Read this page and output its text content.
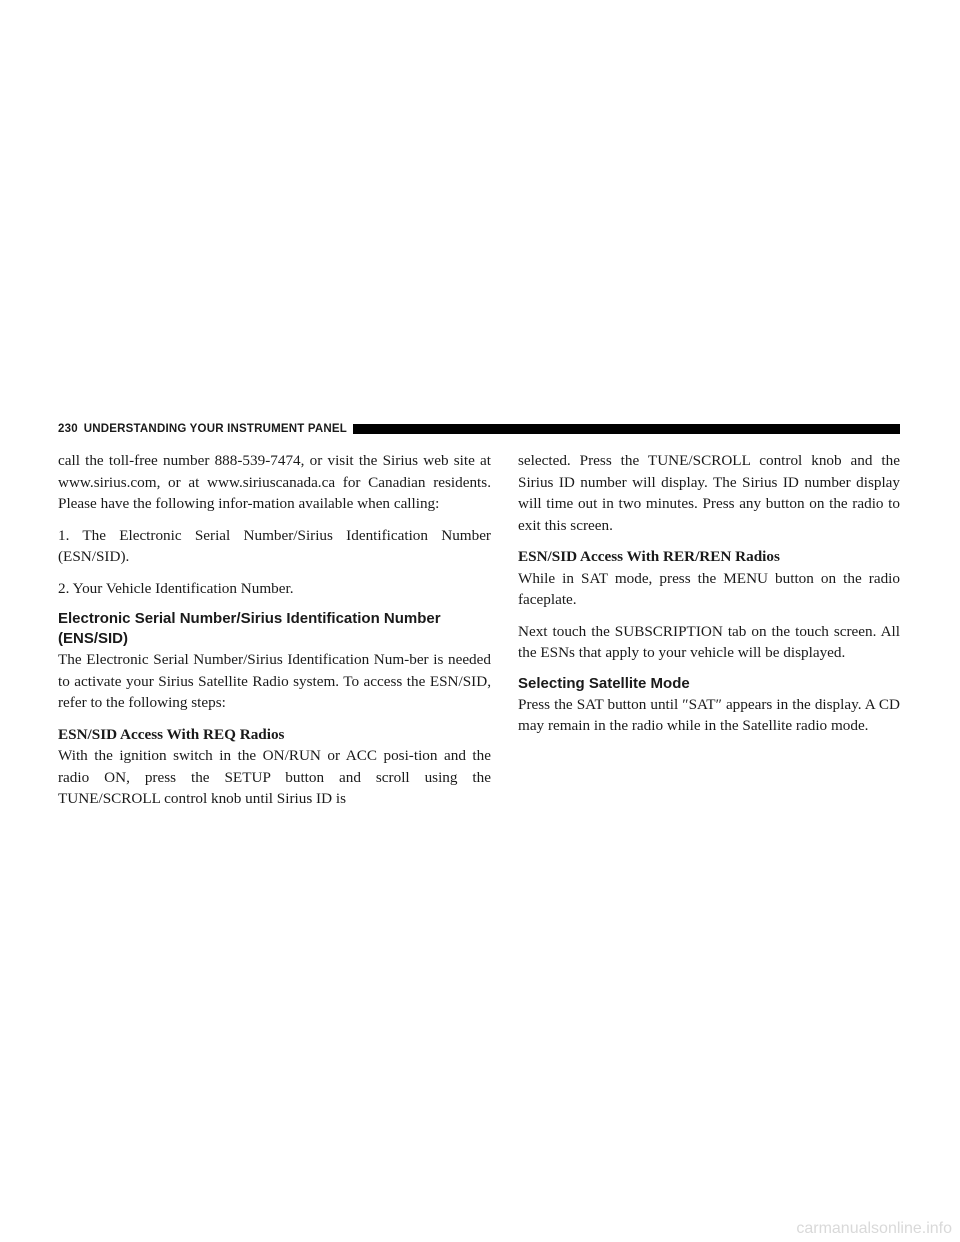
230 UNDERSTANDING YOUR INSTRUMENT PANEL

call the toll-free number 888-539-7474, or visit the Sirius web site at www.sirius.com, or at www.siriuscanada.ca for Canadian residents. Please have the following infor-mation available when calling:

1. The Electronic Serial Number/Sirius Identification Number (ESN/SID).

2. Your Vehicle Identification Number.

Electronic Serial Number/Sirius Identification Number (ENS/SID)

The Electronic Serial Number/Sirius Identification Num-ber is needed to activate your Sirius Satellite Radio system. To access the ESN/SID, refer to the following steps:

ESN/SID Access With REQ Radios

With the ignition switch in the ON/RUN or ACC posi-tion and the radio ON, press the SETUP button and scroll using the TUNE/SCROLL control knob until Sirius ID is

selected. Press the TUNE/SCROLL control knob and the Sirius ID number will display. The Sirius ID number display will time out in two minutes. Press any button on the radio to exit this screen.

ESN/SID Access With RER/REN Radios

While in SAT mode, press the MENU button on the radio faceplate.

Next touch the SUBSCRIPTION tab on the touch screen. All the ESNs that apply to your vehicle will be displayed.

Selecting Satellite Mode

Press the SAT button until ″SAT″ appears in the display. A CD may remain in the radio while in the Satellite radio mode.

carmanualsonline.info
